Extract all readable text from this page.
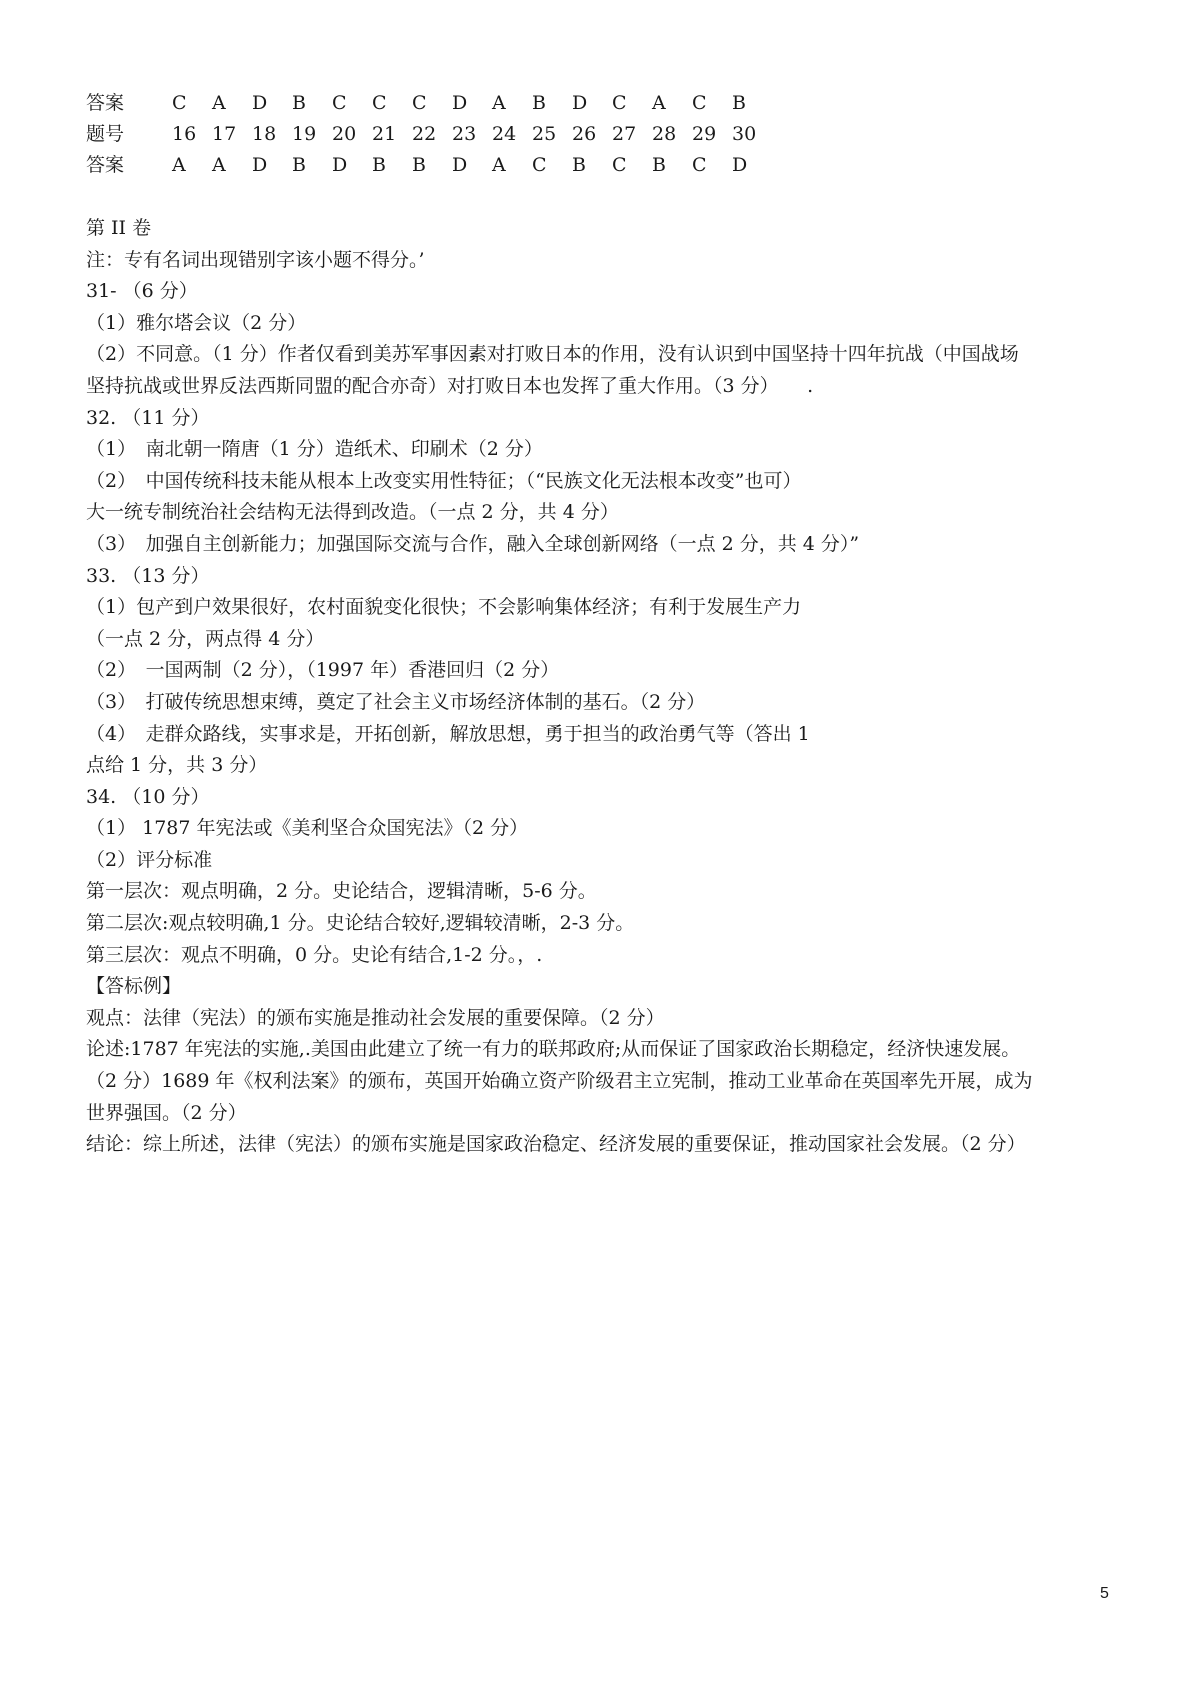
答案	C	A	D	B	C	C	C	D	A	B	D	C	A	C	B
题号	16 17 18 19 20 21 22 23 24 25 26 27 28 29 30
答案	A	A	D	B	D	B	B	D	A	C	B	C	B	C	D
第 II 卷
注：专有名词出现错别字该小题不得分。’
31- （6 分）
（1）雅尔塔会议（2 分）
（2）不同意。（1 分）作者仅看到美苏军事因素对打败日本的作用，没有认识到中国坚持十四年抗战（中国战场
坚持抗战或世界反法西斯同盟的配合亦奇）对打败日本也发挥了重大作用。（3 分）　　.
32. （11 分）
（1）　南北朝一隋唐（1 分）造纸术、印刷术（2 分）
（2）　中国传统科技未能从根本上改变实用性特征；（“民族文化无法根本改变”也可）
大一统专制统治社会结构无法得到改造。（一点 2 分，共 4 分）
（3）　加强自主创新能力；加强国际交流与合作，融入全球创新网络（一点 2 分，共 4 分）”
33. （13 分）
（1）包产到户效果很好，农村面貌变化很快；不会影响集体经济；有利于发展生产力
（一点 2 分，两点得 4 分）
（2）　一国两制（2 分），（1997 年）香港回归（2 分）
（3）　打破传统思想束缚，奠定了社会主义市场经济体制的基石。（2 分）
（4）　走群众路线，实事求是，开拓创新，解放思想，勇于担当的政治勇气等（答出 1
点给 1 分，共 3 分）
34. （10 分）
（1） 1787 年宪法或《美利坚合众国宪法》（2 分）
（2）评分标准
第一层次：观点明确，2 分。史论结合，逻辑清晰，5-6 分。
第二层次:观点较明确,1 分。史论结合较好,逻辑较清晰，2-3 分。
第三层次：观点不明确，0 分。史论有结合,1-2 分。，.
【答标例】
观点：法律（宪法）的颁布实施是推动社会发展的重要保障。（2 分）
论述:1787 年宪法的实施,.美国由此建立了统一有力的联邦政府;从而保证了国家政治长期稳定，经济快速发展。
（2 分）1689 年《权利法案》的颁布，英国开始确立资产阶级君主立宪制，推动工业革命在英国率先开展，成为
世界强国。（2 分）
结论：综上所述，法律（宪法）的颁布实施是国家政治稳定、经济发展的重要保证，推动国家社会发展。（2 分）
5
